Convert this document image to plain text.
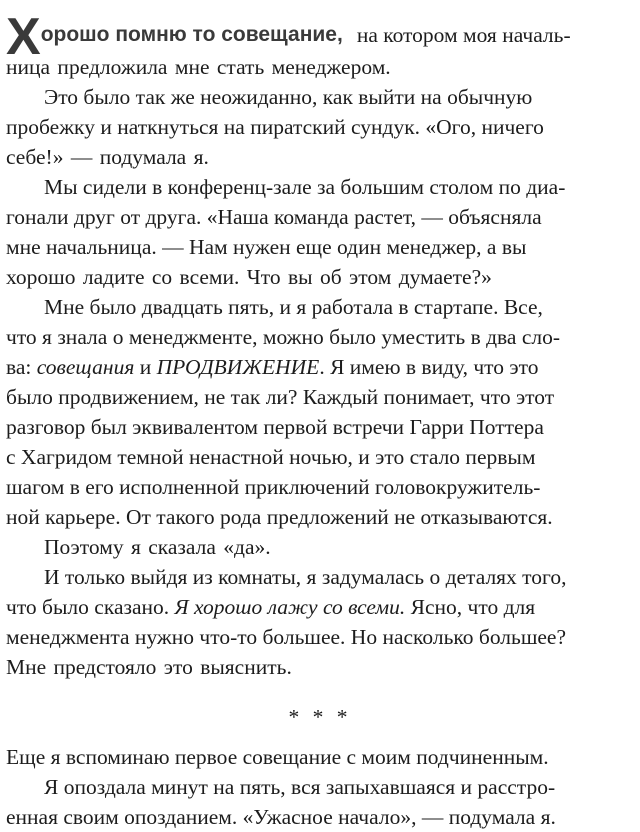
Х орошо помню то совещание, на котором моя началь-
ница предложила мне стать менеджером.
Это было так же неожиданно, как выйти на обычную
пробежку и наткнуться на пиратский сундук. «Ого, ничего
себе!» — подумала я.
Мы сидели в конференц-зале за большим столом по диа-
гонали друг от друга. «Наша команда растет, — объясняла
мне начальница. — Нам нужен еще один менеджер, а вы
хорошо ладите со всеми. Что вы об этом думаете?»
Мне было двадцать пять, и я работала в стартапе. Все,
что я знала о менеджменте, можно было уместить в два сло-
ва: совещания и ПРОДВИЖЕНИЕ. Я имею в виду, что это
было продвижением, не так ли? Каждый понимает, что этот
разговор был эквивалентом первой встречи Гарри Поттера
с Хагридом темной ненастной ночью, и это стало первым
шагом в его исполненной приключений головокружитель-
ной карьере. От такого рода предложений не отказываются.
Поэтому я сказала «да».
И только выйдя из комнаты, я задумалась о деталях того,
что было сказано. Я хорошо лажу со всеми. Ясно, что для
менеджмента нужно что-то большее. Но насколько большее?
Мне предстояло это выяснить.
* * *
Еще я вспоминаю первое совещание с моим подчиненным.
Я опоздала минут на пять, вся запыхавшаяся и расстро-
енная своим опозданием. «Ужасное начало», — подумала я.
